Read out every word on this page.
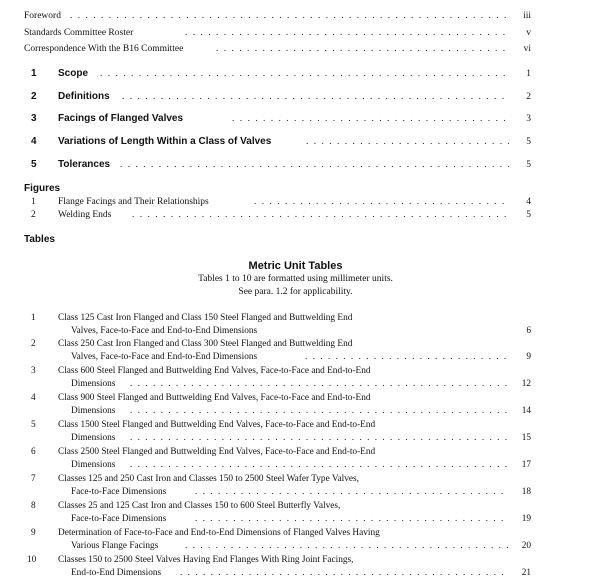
Foreword . . .	iii
Standards Committee Roster . . .	v
Correspondence With the B16 Committee . . .	vi
1 Scope . . .	1
2 Definitions . . .	2
3 Facings of Flanged Valves . . .	3
4 Variations of Length Within a Class of Valves . . .	5
5 Tolerances . . .	5
Figures
1 Flange Facings and Their Relationships . . .	4
2 Welding Ends . . .	5
Tables
Metric Unit Tables
Tables 1 to 10 are formatted using millimeter units.
See para. 1.2 for applicability.
1 Class 125 Cast Iron Flanged and Class 150 Steel Flanged and Buttwelding End
Valves, Face-to-Face and End-to-End Dimensions	6
2 Class 250 Cast Iron Flanged and Class 300 Steel Flanged and Buttwelding End
Valves, Face-to-Face and End-to-End Dimensions . . .	9
3 Class 600 Steel Flanged and Buttwelding End Valves, Face-to-Face and End-to-End
Dimensions . . .	12
4 Class 900 Steel Flanged and Buttwelding End Valves, Face-to-Face and End-to-End
Dimensions . . .	14
5 Class 1500 Steel Flanged and Buttwelding End Valves, Face-to-Face and End-to-End
Dimensions . . .	15
6 Class 2500 Steel Flanged and Buttwelding End Valves, Face-to-Face and End-to-End
Dimensions . . .	17
7 Classes 125 and 250 Cast Iron and Classes 150 to 2500 Steel Wafer Type Valves,
Face-to-Face Dimensions . . .	18
8 Classes 25 and 125 Cast Iron and Classes 150 to 600 Steel Butterfly Valves,
Face-to-Face Dimensions . . .	19
9 Determination of Face-to-Face and End-to-End Dimensions of Flanged Valves Having
Various Flange Facings . . .	20
10 Classes 150 to 2500 Steel Valves Having End Flanges With Ring Joint Facings,
End-to-End Dimensions . . .	21
